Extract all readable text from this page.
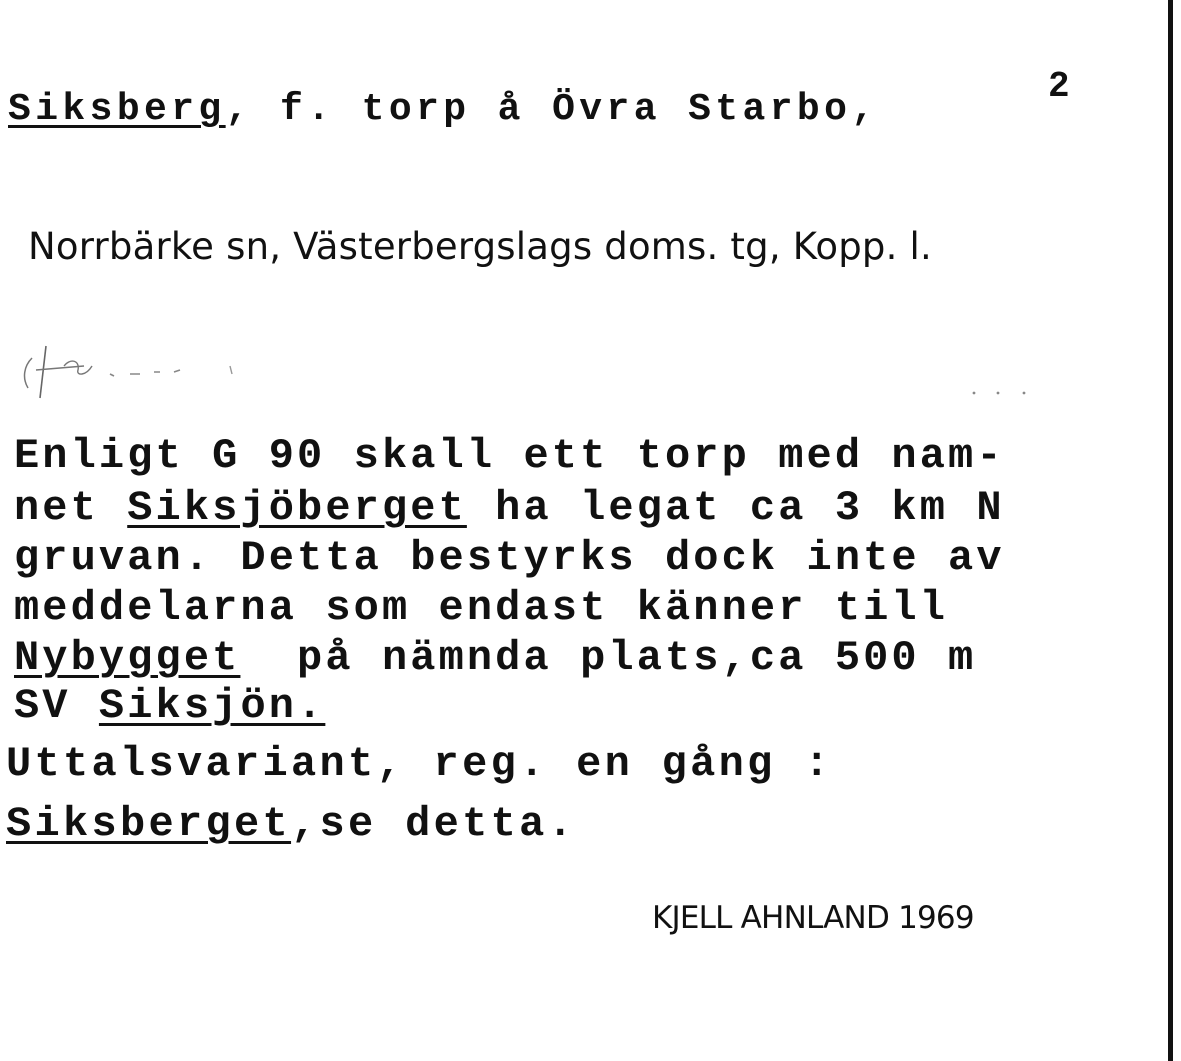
2
Siksberg, f. torp å Övra Starbo,
Norrbärke sn, Västerbergslags doms. tg, Kopp. l.
Enligt G 90 skall ett torp med nam-
net Siksjöberget ha legat ca 3 km N
gruvan. Detta bestyrks dock inte av
meddelarna som endast känner till
Nybygget  på nämnda plats,ca 500 m
SV Siksjön.
Uttalsvariant, reg. en gång :
Siksberget,se detta.
KJELL AHNLAND 1969
